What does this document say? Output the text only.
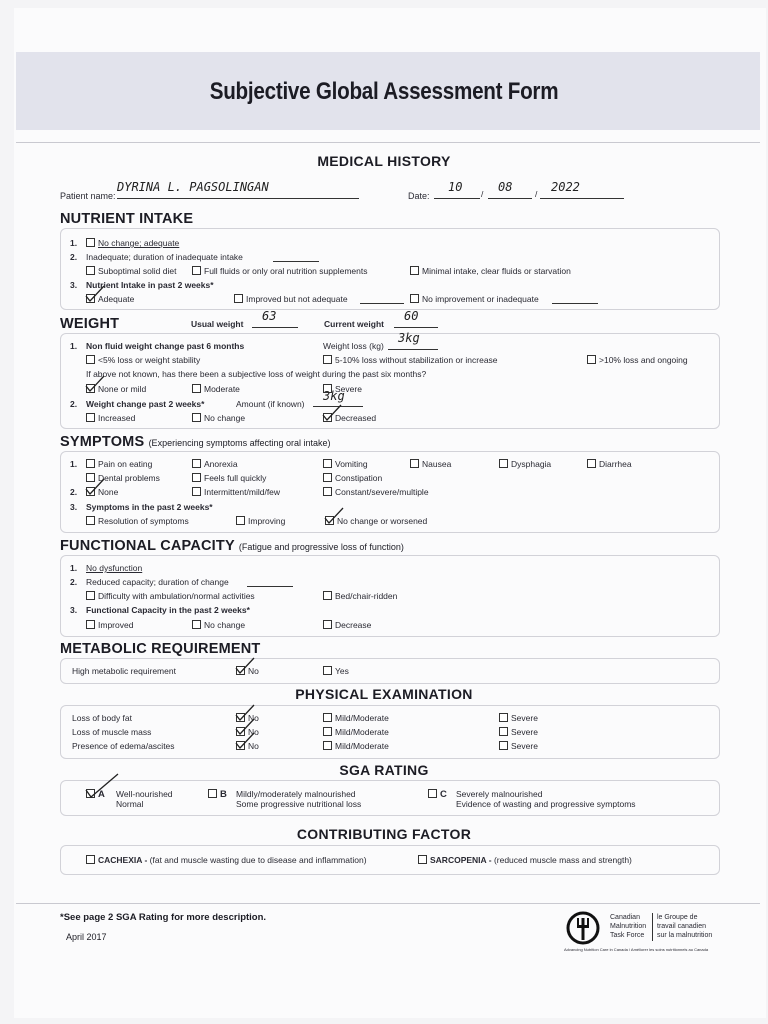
Subjective Global Assessment Form
MEDICAL HISTORY
Patient name:
DYRINA L. PAGSOLINGAN
Date:
10 / 08	/ 2022
NUTRIENT INTAKE
1.	No change; adequate
2. Inadequate; duration of inadequate intake
Suboptimal solid diet	Full fluids or only oral nutrition supplements	Minimal intake, clear fluids or starvation
3. Nutrient Intake in past 2 weeks*
Adequate	Improved but not adequate	No improvement or inadequate
WEIGHT	Usual weight
63
Current weight
60
1. Non fluid weight change past 6 months	Weight loss (kg)
3kg
<5% loss or weight stability	5-10% loss without stabilization or increase	>10% loss and ongoing
If above not known, has there been a subjective loss of weight during the past six months?
None or mild	Moderate	Severe
2. Weight change past 2 weeks*	Amount (if known)
3kg
Increased	No change	Decreased
SYMPTOMS (Experiencing symptoms affecting oral intake)
1.	Pain on eating	Anorexia	Vomiting	Nausea	Dysphagia	Diarrhea
Dental problems	Feels full quickly	Constipation
2.	None	Intermittent/mild/few	Constant/severe/multiple
3. Symptoms in the past 2 weeks*
Resolution of symptoms	Improving	No change or worsened
FUNCTIONAL CAPACITY (Fatigue and progressive loss of function)
1. No dysfunction
2. Reduced capacity; duration of change
Difficulty with ambulation/normal activities	Bed/chair-ridden
3. Functional Capacity in the past 2 weeks*
Improved	No change	Decrease
METABOLIC REQUIREMENT
High metabolic requirement	No	Yes
PHYSICAL EXAMINATION
Loss of body fat	No	Mild/Moderate	Severe
Loss of muscle mass	No	Mild/Moderate	Severe
Presence of edema/ascites	No	Mild/Moderate	Severe
SGA RATING
A Well-nourished
Normal
B Mildly/moderately malnourished
Some progressive nutritional loss
C Severely malnourished
Evidence of wasting and progressive symptoms
CONTRIBUTING FACTOR
CACHEXIA - (fat and muscle wasting due to disease and inflammation)	SARCOPENIA - (reduced muscle mass and strength)
*See page 2 SGA Rating for more description.
April 2017
Canadian
Malnutrition
Task Force
le Groupe de
travail canadien
sur la malnutrition
Advancing Nutrition Care in Canada / Améliorer les soins nutritionnels au Canada
